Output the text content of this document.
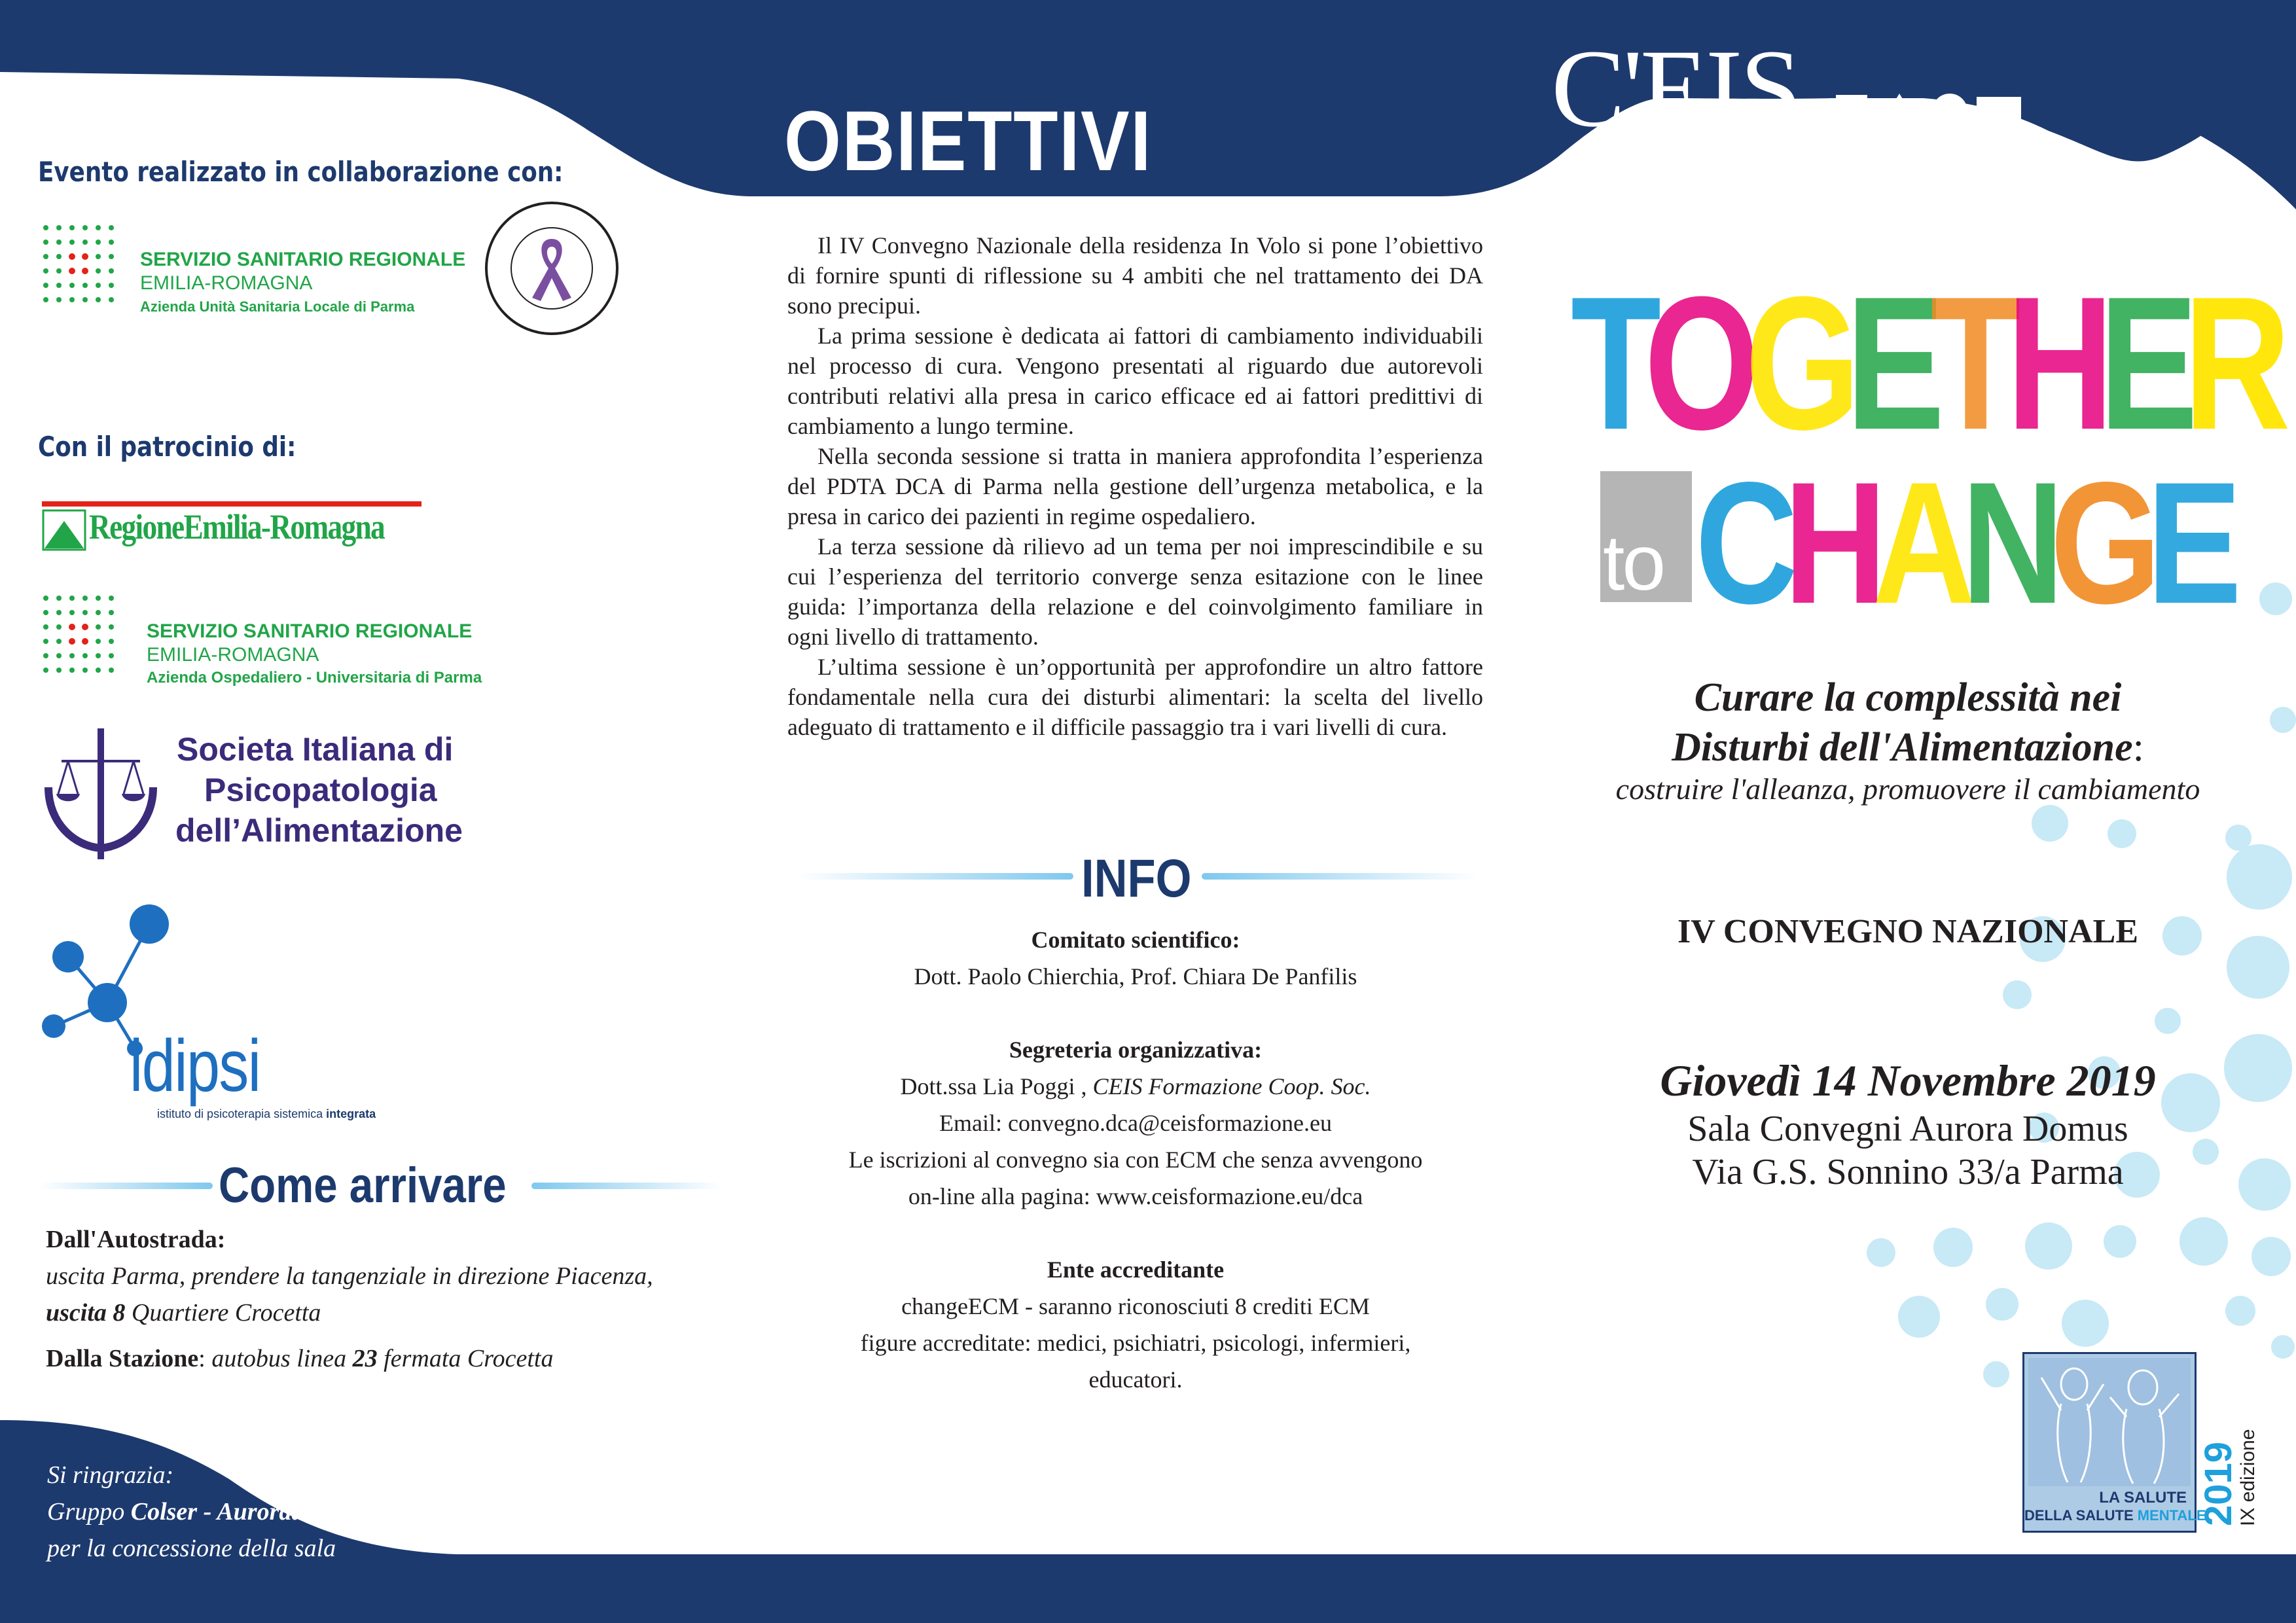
OBIETTIVI	C'EIS
FONDAZIONE ONLUS
Evento realizzato in collaborazione con:
SERVIZIO SANITARIO REGIONALE
EMILIA-ROMAGNA
Azienda Unità Sanitaria Locale di Parma
Con il patrocinio di:
RegioneEmilia-Romagna
SERVIZIO SANITARIO REGIONALE
EMILIA-ROMAGNA
Azienda Ospedaliero - Universitaria di Parma
Societa Italiana di
Psicopatologia
dell’Alimentazione
idipsi
istituto di psicoterapia sistemica integrata
Come arrivare
Dall'Autostrada:
uscita Parma, prendere la tangenziale in direzione Piacenza,
uscita 8 Quartiere Crocetta
Dalla Stazione: autobus linea 23 fermata Crocetta
Si ringrazia:
Gruppo Colser - Auroradomus
per la concessione della sala

Il IV Convegno Nazionale della residenza In Volo si pone l’obiettivo di fornire spunti di riflessione su 4 ambiti che nel trattamento dei DA sono precipui.

La prima sessione è dedicata ai fattori di cambiamento individuabili nel processo di cura. Vengono presentati al riguardo due autorevoli contributi relativi alla presa in carico efficace ed ai fattori predittivi di cambiamento a lungo termine.

Nella seconda sessione si tratta in maniera approfondita l’esperienza del PDTA DCA di Parma nella gestione dell’urgenza metabolica, e la presa in carico dei pazienti in regime ospedaliero.

La terza sessione dà rilievo ad un tema per noi imprescindibile e su cui l’esperienza del territorio converge senza esitazione con le linee guida: l’importanza della relazione e del coinvolgimento familiare in ogni livello di trattamento.

L’ultima sessione è un’opportunità per approfondire un altro fattore fondamentale nella cura dei disturbi alimentari: la scelta del livello adeguato di trattamento e il difficile passaggio tra i vari livelli di cura.

INFO
Comitato scientifico:
Dott. Paolo Chierchia, Prof. Chiara De Panfilis
Segreteria organizzativa:
Dott.ssa Lia Poggi , CEIS Formazione Coop. Soc.
Email: convegno.dca@ceisformazione.eu
Le iscrizioni al convegno sia con ECM che senza avvengono
on-line alla pagina: www.ceisformazione.eu/dca
Ente accreditante
changeECM - saranno riconosciuti 8 crediti ECM
figure accreditate: medici, psichiatri, psicologi, infermieri,
educatori.
TOGETHER
to CHANGE
Curare la complessità nei
Disturbi dell'Alimentazione:
costruire l'alleanza, promuovere il cambiamento
IV CONVEGNO NAZIONALE
Giovedì 14 Novembre 2019
Sala Convegni Aurora Domus
Via G.S. Sonnino 33/a Parma
LA SALUTE
DELLA SALUTE MENTALE
2019
IX edizione
